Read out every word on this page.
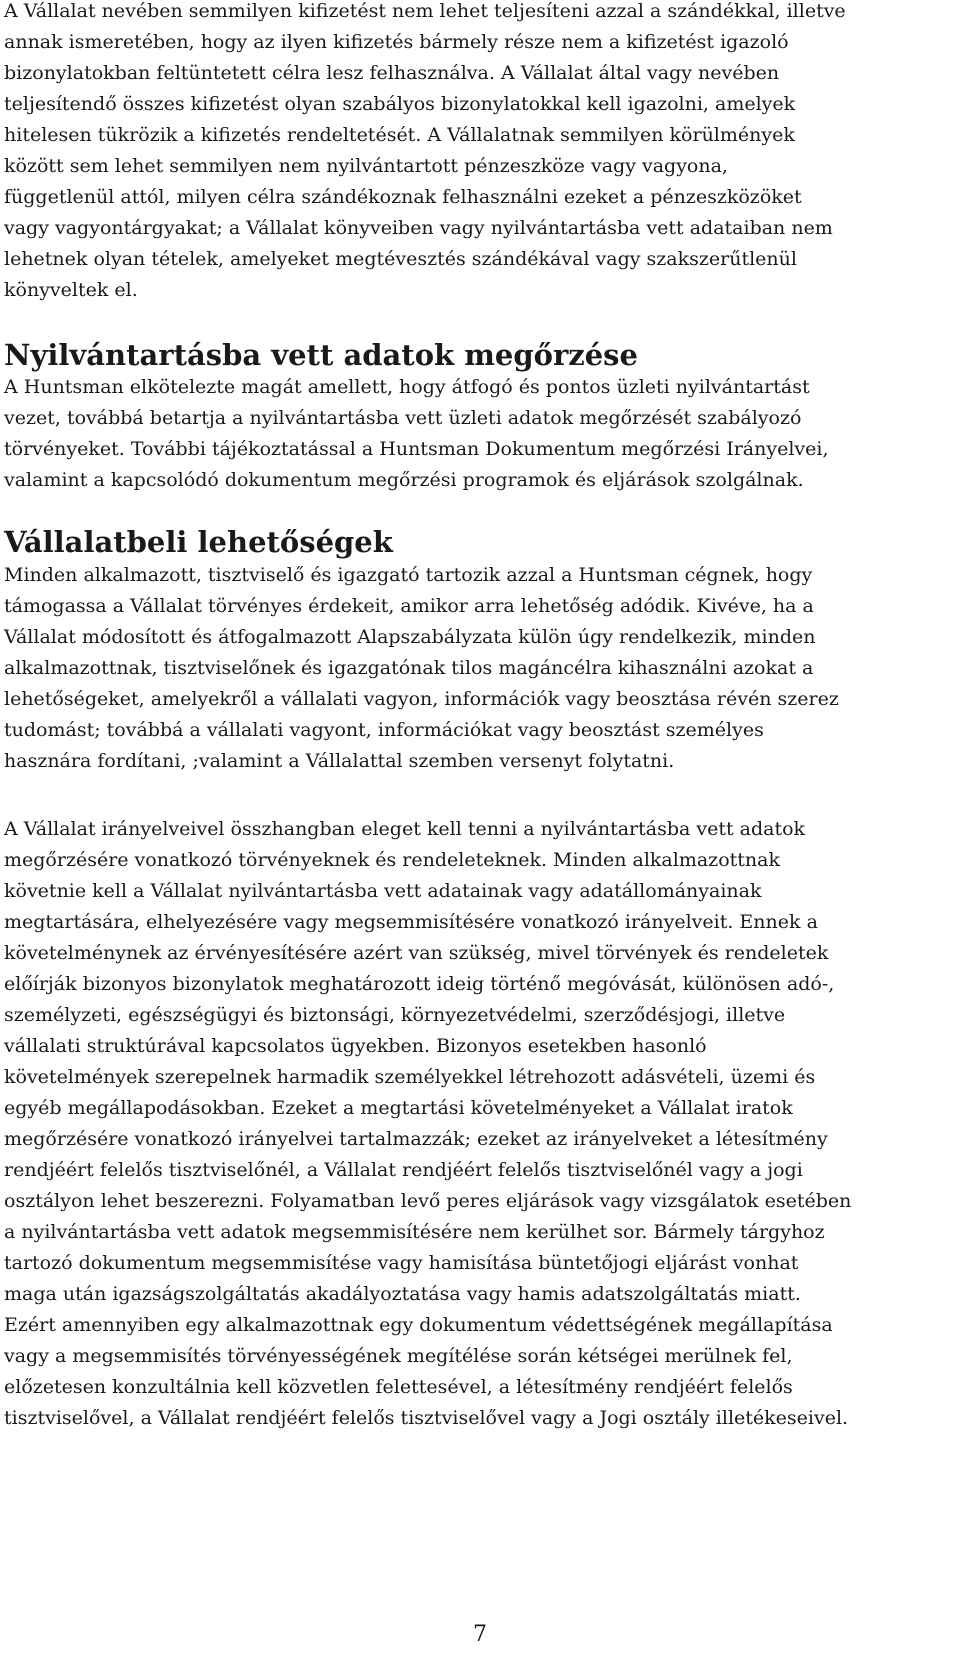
A Vállalat nevében semmilyen kifizetést nem lehet teljesíteni azzal a szándékkal, illetve
annak ismeretében, hogy az ilyen kifizetés bármely része nem a kifizetést igazoló
bizonylatokban feltüntetett célra lesz felhasználva. A Vállalat által vagy nevében
teljesítendő összes kifizetést olyan szabályos bizonylatokkal kell igazolni, amelyek
hitelesen tükrözik a kifizetés rendeltetését. A Vállalatnak semmilyen körülmények
között sem lehet semmilyen nem nyilvántartott pénzeszköze vagy vagyona,
függetlenül attól, milyen célra szándékoznak felhasználni ezeket a pénzeszközöket
vagy vagyontárgyakat; a Vállalat könyveiben vagy nyilvántartásba vett adataiban nem
lehetnek olyan tételek, amelyeket megtévesztés szándékával vagy szakszerűtlenül
könyveltek el.

Nyilvántartásba vett adatok megőrzése

A Huntsman elkötelezte magát amellett, hogy átfogó és pontos üzleti nyilvántartást
vezet, továbbá betartja a nyilvántartásba vett üzleti adatok megőrzését szabályozó
törvényeket. További tájékoztatással a Huntsman Dokumentum megőrzési Irányelvei,
valamint a kapcsolódó dokumentum megőrzési programok és eljárások szolgálnak.

Vállalatbeli lehetőségek

Minden alkalmazott, tisztviselő és igazgató tartozik azzal a Huntsman cégnek, hogy
támogassa a Vállalat törvényes érdekeit, amikor arra lehetőség adódik. Kivéve, ha a
Vállalat módosított és átfogalmazott Alapszabályzata külön úgy rendelkezik, minden
alkalmazottnak, tisztviselőnek és igazgatónak tilos magáncélra kihasználni azokat a
lehetőségeket, amelyekről a vállalati vagyon, információk vagy beosztása révén szerez
tudomást; továbbá a vállalati vagyont, információkat vagy beosztást személyes
hasznára fordítani, ;valamint a Vállalattal szemben versenyt folytatni.

A Vállalat irányelveivel összhangban eleget kell tenni a nyilvántartásba vett adatok
megőrzésére vonatkozó törvényeknek és rendeleteknek. Minden alkalmazottnak
követnie kell a Vállalat nyilvántartásba vett adatainak vagy adatállományainak
megtartására, elhelyezésére vagy megsemmisítésére vonatkozó irányelveit. Ennek a
követelménynek az érvényesítésére azért van szükség, mivel törvények és rendeletek
előírják bizonyos bizonylatok meghatározott ideig történő megóvását, különösen adó-,
személyzeti, egészségügyi és biztonsági, környezetvédelmi, szerződésjogi, illetve
vállalati struktúrával kapcsolatos ügyekben. Bizonyos esetekben hasonló
követelmények szerepelnek harmadik személyekkel létrehozott adásvételi, üzemi és
egyéb megállapodásokban. Ezeket a megtartási követelményeket a Vállalat iratok
megőrzésére vonatkozó irányelvei tartalmazzák; ezeket az irányelveket a létesítmény
rendjéért felelős tisztviselőnél, a Vállalat rendjéért felelős tisztviselőnél vagy a jogi
osztályon lehet beszerezni. Folyamatban levő peres eljárások vagy vizsgálatok esetében
a nyilvántartásba vett adatok megsemmisítésére nem kerülhet sor. Bármely tárgyhoz
tartozó dokumentum megsemmisítése vagy hamisítása büntetőjogi eljárást vonhat
maga után igazságszolgáltatás akadályoztatása vagy hamis adatszolgáltatás miatt.
Ezért amennyiben egy alkalmazottnak egy dokumentum védettségének megállapítása
vagy a megsemmisítés törvényességének megítélése során kétségei merülnek fel,
előzetesen konzultálnia kell közvetlen felettesével, a létesítmény rendjéért felelős
tisztviselővel, a Vállalat rendjéért felelős tisztviselővel vagy a Jogi osztály illetékeseivel.

7
